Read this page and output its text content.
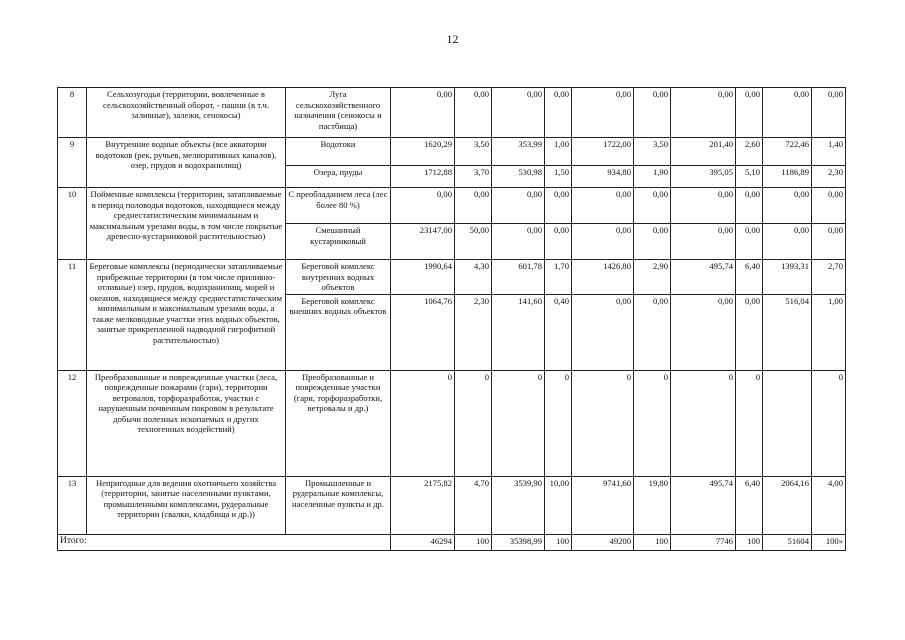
12
8	Сельхозугодья (территории, вовлеченные в сельскохозяйственный оборот, - пашни (в т.ч. заливные), залежи, сенокосы)	Луга сельскохозяйственного назначения (сенокосы и пастбища)	0,00	0,00	0,00	0,00	0,00	0,00	0,00	0,00	0,00	0,00
9	Внутренние водные объекты (все акватории водотоков (рек, ручьев, мелиоративных каналов), озер, прудов и водохранилищ)	Водотоки	1620,29	3,50	353,99	1,00	1722,00	3,50	201,40	2,60	722,46	1,40
		Озера, пруды	1712,88	3,70	530,98	1,50	934,80	1,90	395,05	5,10	1186,89	2,30
10	Пойменные комплексы (территории, затапливаемые в период половодья водотоков, находящиеся между среднестатистическим минимальным и максимальным урезами воды, в том числе покрытые древесно-кустарниковой растительностью)	С преобладанием леса (лес более 80 %)	0,00	0,00	0,00	0,00	0,00	0,00	0,00	0,00	0,00	0,00
		Смешанный кустарниковый	23147,00	50,00	0,00	0,00	0,00	0,00	0,00	0,00	0,00	0,00
11	Береговые комплексы (периодически затапливаемые прибрежные территории (в том числе приливно-отливные) озер, прудов, водохранилищ, морей и океанов, находящиеся между среднестатистическим минимальным и максимальным урезами воды, а также мелководные участки этих водных объектов, занятые прикрепленной надводной гигрофитной растительностью)	Береговой комплекс внутренних водных объектов	1990,64	4,30	601,78	1,70	1426,80	2,90	495,74	6,40	1393,31	2,70
		Береговой комплекс внешних водных объектов	1064,76	2,30	141,60	0,40	0,00	0,00	0,00	0,00	516,04	1,00
12	Преобразованные и поврежденные участки (леса, поврежденные пожарами (гари), территории ветровалов, торфоразработок, участки с нарушенным почвенным покровом в результате добычи полезных ископаемых и других техногенных воздействий)	Преобразованные и поврежденные участки (гари, торфоразработки, ветровалы и др.)	0	0	0	0	0	0	0	0		0
13	Непригодные для ведения охотничьего хозяйства (территории, занятые населенными пунктами, промышленными комплексами, рудеральные территории (свалки, кладбища и др.))	Промышленные и рудеральные комплексы, населенные пункты и др.	2175,82	4,70	3539,90	10,00	9741,60	19,80	495,74	6,40	2064,16	4,00
Итого:			46294	100	35398,99	100	49200	100	7746	100	51604	100»
